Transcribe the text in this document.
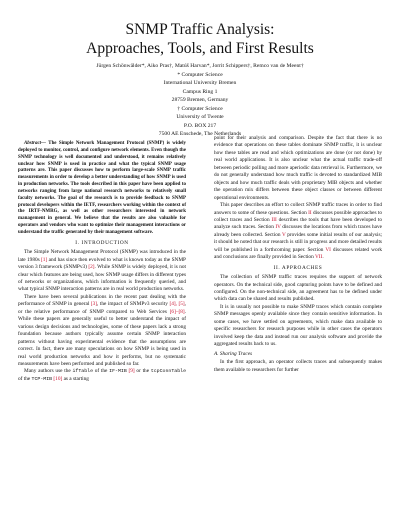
SNMP Traffic Analysis:
Approaches, Tools, and First Results
Jürgen Schönwälder*, Aiko Pras†, Matúš Harvan*, Jorrit Schippers†, Remco van de Meent†
* Computer Science
International University Bremen
Campus Ring 1
28759 Bremen, Germany
† Computer Science
University of Twente
P.O. BOX 217
7500 AE Enschede, The Netherlands

Abstract— The Simple Network Management Protocol (SNMP) is widely deployed to monitor, control, and configure network elements. Even though the SNMP technology is well documented and understood, it remains relatively unclear how SNMP is used in practice and what the typical SNMP usage patterns are. This paper discusses how to perform large-scale SNMP traffic measurements in order to develop a better understanding of how SNMP is used in production networks. The tools described in this paper have been applied to networks ranging from large national research networks to relatively small faculty networks. The goal of the research is to provide feedback to SNMP protocol developers within the IETF, researchers working within the context of the IRTF-NMRG, as well as other researchers interested in network management in general. We believe that the results are also valuable for operators and vendors who want to optimize their management interactions or understand the traffic generated by their management software.

I. INTRODUCTION

The Simple Network Management Protocol (SNMP) was introduced in the late 1980s [1] and has since then evolved to what is known today as the SNMP version 3 framework (SNMPv3) [2]. While SNMP is widely deployed, it is not clear which features are being used, how SNMP usage differs in different types of networks or organizations, which information is frequently queried, and what typical SNMP interaction patterns are in real world production networks.

There have been several publications in the recent past dealing with the performance of SNMP in general [3], the impact of SNMPv3 security [4], [5], or the relative performance of SNMP compared to Web Services [6]–[8]. While these papers are generally useful to better understand the impact of various design decisions and technologies, some of these papers lack a strong foundation because authors typically assume certain SNMP interaction patterns without having experimental evidence that the assumptions are correct. In fact, there are many speculations on how SNMP is being used in real world production networks and how it performs, but no systematic measurements have been performed and published so far.

Many authors use the ifTable of the IF-MIB [9] or the tcpConnTable of the TCP-MIB [10] as a starting

point for their analysis and comparison. Despite the fact that there is no evidence that operations on these tables dominate SNMP traffic, it is unclear how these tables are read and which optimizations are done (or not done) by real world applications. It is also unclear what the actual traffic trade-off between periodic polling and more aperiodic data retrieval is. Furthermore, we do not generally understand how much traffic is devoted to standardized MIB objects and how much traffic deals with proprietary MIB objects and whether the operation mix differs between these object classes or between different operational environments.

This paper describes an effort to collect SNMP traffic traces in order to find answers to some of these questions. Section II discusses possible approaches to collect traces and Section III describes the tools that have been developed to analyze such traces. Section IV discusses the locations from which traces have already been collected. Section V provides some initial results of our analysis; it should be noted that our research is still in progress and more detailed results will be published in a forthcoming paper. Section VI discusses related work and conclusions are finally provided in Section VII.

II. APPROACHES

The collection of SNMP traffic traces requires the support of network operators. On the technical side, good capturing points have to be defined and configured. On the non-technical side, an agreement has to be defined under which data can be shared and results published.

It is in usually not possible to make SNMP traces which contain complete SNMP messages openly available since they contain sensitive information. In some cases, we have settled on agreements, which make data available to specific researchers for research purposes while in other cases the operators involved keep the data and instead run our analysis software and provide the aggregated results back to us.

A. Sharing Traces

In the first approach, an operator collects traces and subsequently makes them available to researchers for further
